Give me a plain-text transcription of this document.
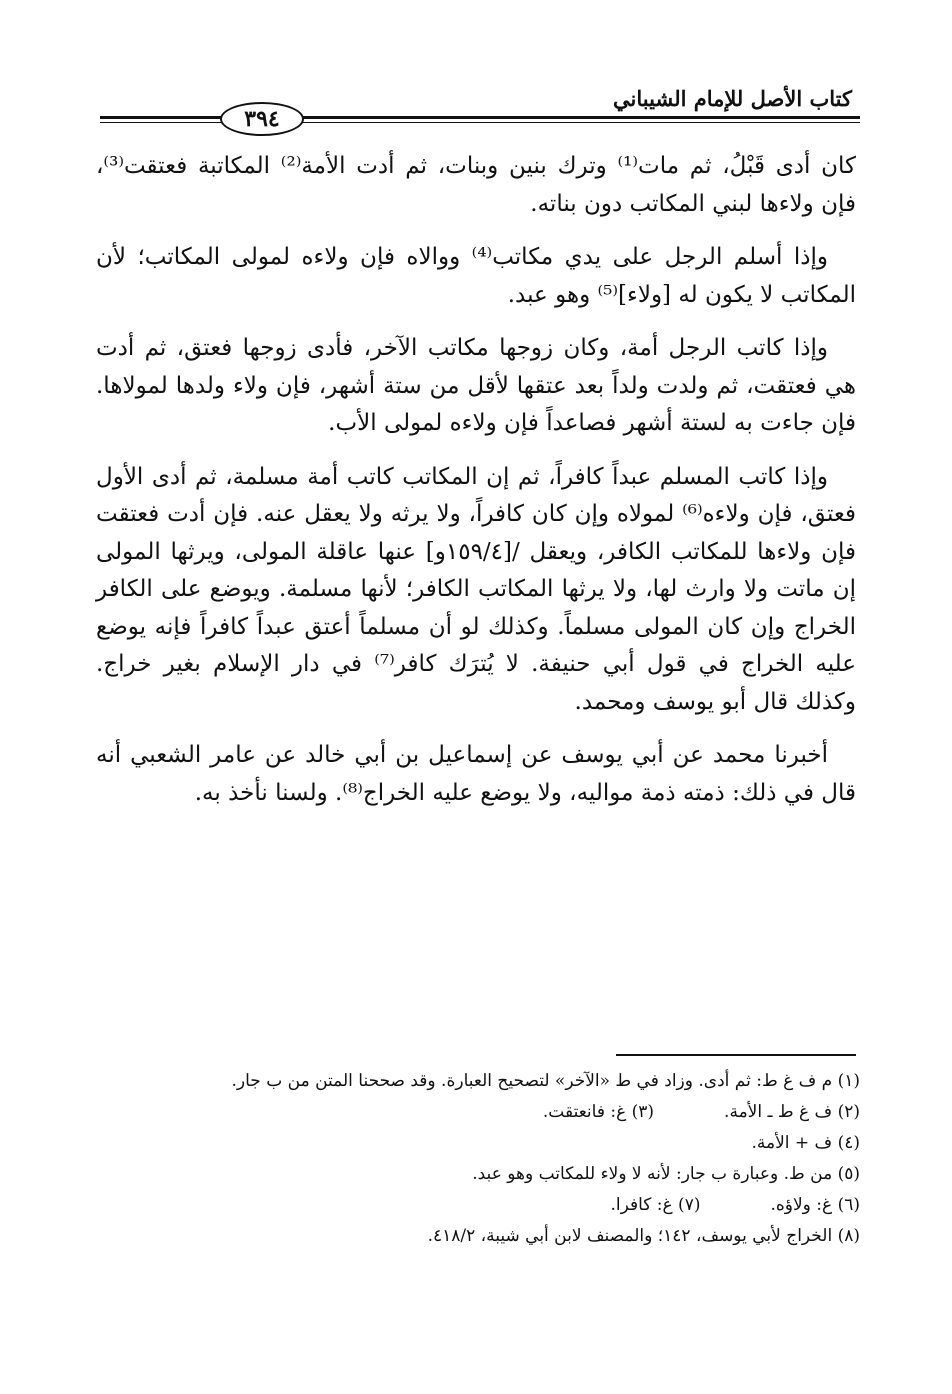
كتاب الأصل للإمام الشيباني
٣٩٤

كان أدى قَبْلُ، ثم مات⁽¹⁾ وترك بنين وبنات، ثم أدت الأمة⁽²⁾ المكاتبة فعتقت⁽³⁾، فإن ولاءها لبني المكاتب دون بناته.

وإذا أسلم الرجل على يدي مكاتب⁽⁴⁾ ووالاه فإن ولاءه لمولى المكاتب؛ لأن المكاتب لا يكون له [ولاء]⁽⁵⁾ وهو عبد.

وإذا كاتب الرجل أمة، وكان زوجها مكاتب الآخر، فأدى زوجها فعتق، ثم أدت هي فعتقت، ثم ولدت ولداً بعد عتقها لأقل من ستة أشهر، فإن ولاء ولدها لمولاها. فإن جاءت به لستة أشهر فصاعداً فإن ولاءه لمولى الأب.

وإذا كاتب المسلم عبداً كافراً، ثم إن المكاتب كاتب أمة مسلمة، ثم أدى الأول فعتق، فإن ولاءه⁽⁶⁾ لمولاه وإن كان كافراً، ولا يرثه ولا يعقل عنه. فإن أدت فعتقت فإن ولاءها للمكاتب الكافر، ويعقل /[١٥٩/٤و] عنها عاقلة المولى، ويرثها المولى إن ماتت ولا وارث لها، ولا يرثها المكاتب الكافر؛ لأنها مسلمة. ويوضع على الكافر الخراج وإن كان المولى مسلماً. وكذلك لو أن مسلماً أعتق عبداً كافراً فإنه يوضع عليه الخراج في قول أبي حنيفة. لا يُترَك كافر⁽⁷⁾ في دار الإسلام بغير خراج. وكذلك قال أبو يوسف ومحمد.

أخبرنا محمد عن أبي يوسف عن إسماعيل بن أبي خالد عن عامر الشعبي أنه قال في ذلك: ذمته ذمة مواليه، ولا يوضع عليه الخراج⁽⁸⁾. ولسنا نأخذ به.

(١) م ف غ ط: ثم أدى. وزاد في ط «الآخر» لتصحيح العبارة. وقد صححنا المتن من ب جار.
(٢) ف غ ط ـ الأمة.
(٣) غ: فانعتقت.
(٤) ف + الأمة.
(٥) من ط. وعبارة ب جار: لأنه لا ولاء للمكاتب وهو عبد.
(٦) غ: ولاؤه.
(٧) غ: كافرا.
(٨) الخراج لأبي يوسف، ١٤٢؛ والمصنف لابن أبي شيبة، ٤١٨/٢.
